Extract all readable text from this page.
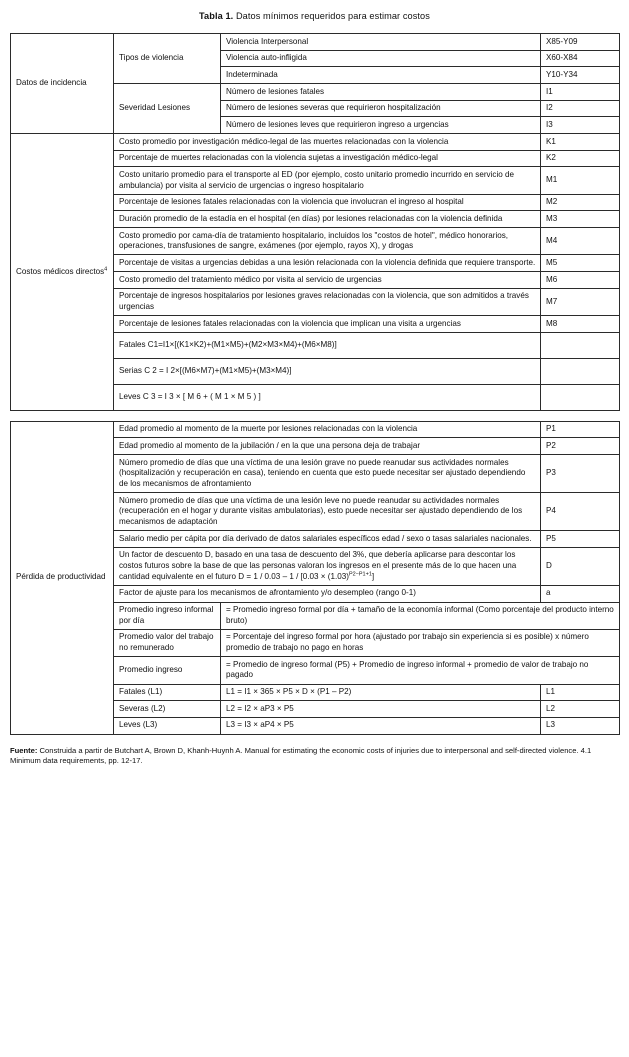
Tabla 1. Datos mínimos requeridos para estimar costos
Datos de incidencia	Tipos de violencia	Violencia Interpersonal	X85-Y09
		Violencia auto-infligida	X60-X84
		Indeterminada	Y10-Y34
	Severidad Lesiones	Número de lesiones fatales	I1
		Número de lesiones severas que requirieron hospitalización	I2
		Número de lesiones leves que requirieron ingreso a urgencias	I3
Costos médicos directos$^4$	Costo promedio por investigación médico-legal de las muertes relacionadas con la violencia		K1
	Porcentaje de muertes relacionadas con la violencia sujetas a investigación médico-legal		K2
	Costo unitario promedio para el transporte al ED (por ejemplo, costo unitario promedio incurrido en servicio de ambulancia) por visita al servicio de urgencias o ingreso hospitalario		M1
	Porcentaje de lesiones fatales relacionadas con la violencia que involucran el ingreso al hospital		M2
	Duración promedio de la estadía en el hospital (en días) por lesiones relacionadas con la violencia definida		M3
	Costo promedio por cama-día de tratamiento hospitalario, incluidos los "costos de hotel", médico honorarios, operaciones, transfusiones de sangre, exámenes (por ejemplo, rayos X), y drogas		M4
	Porcentaje de visitas a urgencias debidas a una lesión relacionada con la violencia definida que requiere transporte.		M5
	Costo promedio del tratamiento médico por visita al servicio de urgencias		M6
	Porcentaje de ingresos hospitalarios por lesiones graves relacionadas con la violencia, que son admitidos a través urgencias		M7
	Porcentaje de lesiones fatales relacionadas con la violencia que implican una visita a urgencias		M8
	Fatales C1=I1×[(K1×K2)+(M1×M5)+(M2×M3×M4)+(M6×M8)]		
	Serias C 2 = I 2×[(M6×M7)+(M1×M5)+(M3×M4)]		
	Leves C 3 = I 3 × [ M 6 + ( M 1 × M 5 ) ]		
Pérdida de productividad	Edad promedio al momento de la muerte por lesiones relacionadas con la violencia		P1
	Edad promedio al momento de la jubilación / en la que una persona deja de trabajar		P2
	Número promedio de días que una víctima de una lesión grave no puede reanudar sus actividades normales (hospitalización y recuperación en casa), teniendo en cuenta que esto puede necesitar ser ajustado dependiendo de los mecanismos de afrontamiento		P3
	Número promedio de días que una víctima de una lesión leve no puede reanudar su actividades normales (recuperación en el hogar y durante visitas ambulatorias), esto puede necesitar ser ajustado dependiendo de los mecanismos de adaptación		P4
	Salario medio per cápita por día derivado de datos salariales específicos edad / sexo o tasas salariales nacionales.		P5
	Un factor de descuento D, basado en una tasa de descuento del 3%, que debería aplicarse para descontar los costos futuros sobre la base de que las personas valoran los ingresos en el presente más de lo que hacen una cantidad equivalente en el futuro $D = 1 / 0.03 - 1 / [0.03 \times (1.03)^{P2-P1+1}]$		D
	Factor de ajuste para los mecanismos de afrontamiento y/o desempleo (rango 0-1)		a
	Promedio ingreso informal por día	= Promedio ingreso formal por día + tamaño de la economía informal (Como porcentaje del producto interno bruto)	
	Promedio valor del trabajo no remunerado	= Porcentaje del ingreso formal por hora (ajustado por trabajo sin experiencia si es posible) x número promedio de trabajo no pago en horas	
	Promedio ingreso	= Promedio de ingreso formal (P5) + Promedio de ingreso informal + promedio de valor de trabajo no pagado	
	Fatales (L1)	L1 = I1 × 365 × P5 × D × (P1 – P2)	L1
	Severas (L2)	L2 = I2 × aP3 × P5	L2
	Leves (L3)	L3 = I3 × aP4 × P5	L3
Fuente: Construida a partir de Butchart A, Brown D, Khanh-Huynh A. Manual for estimating the economic costs of injuries due to interpersonal and self-directed violence. 4.1 Minimum data requirements, pp. 12-17.
